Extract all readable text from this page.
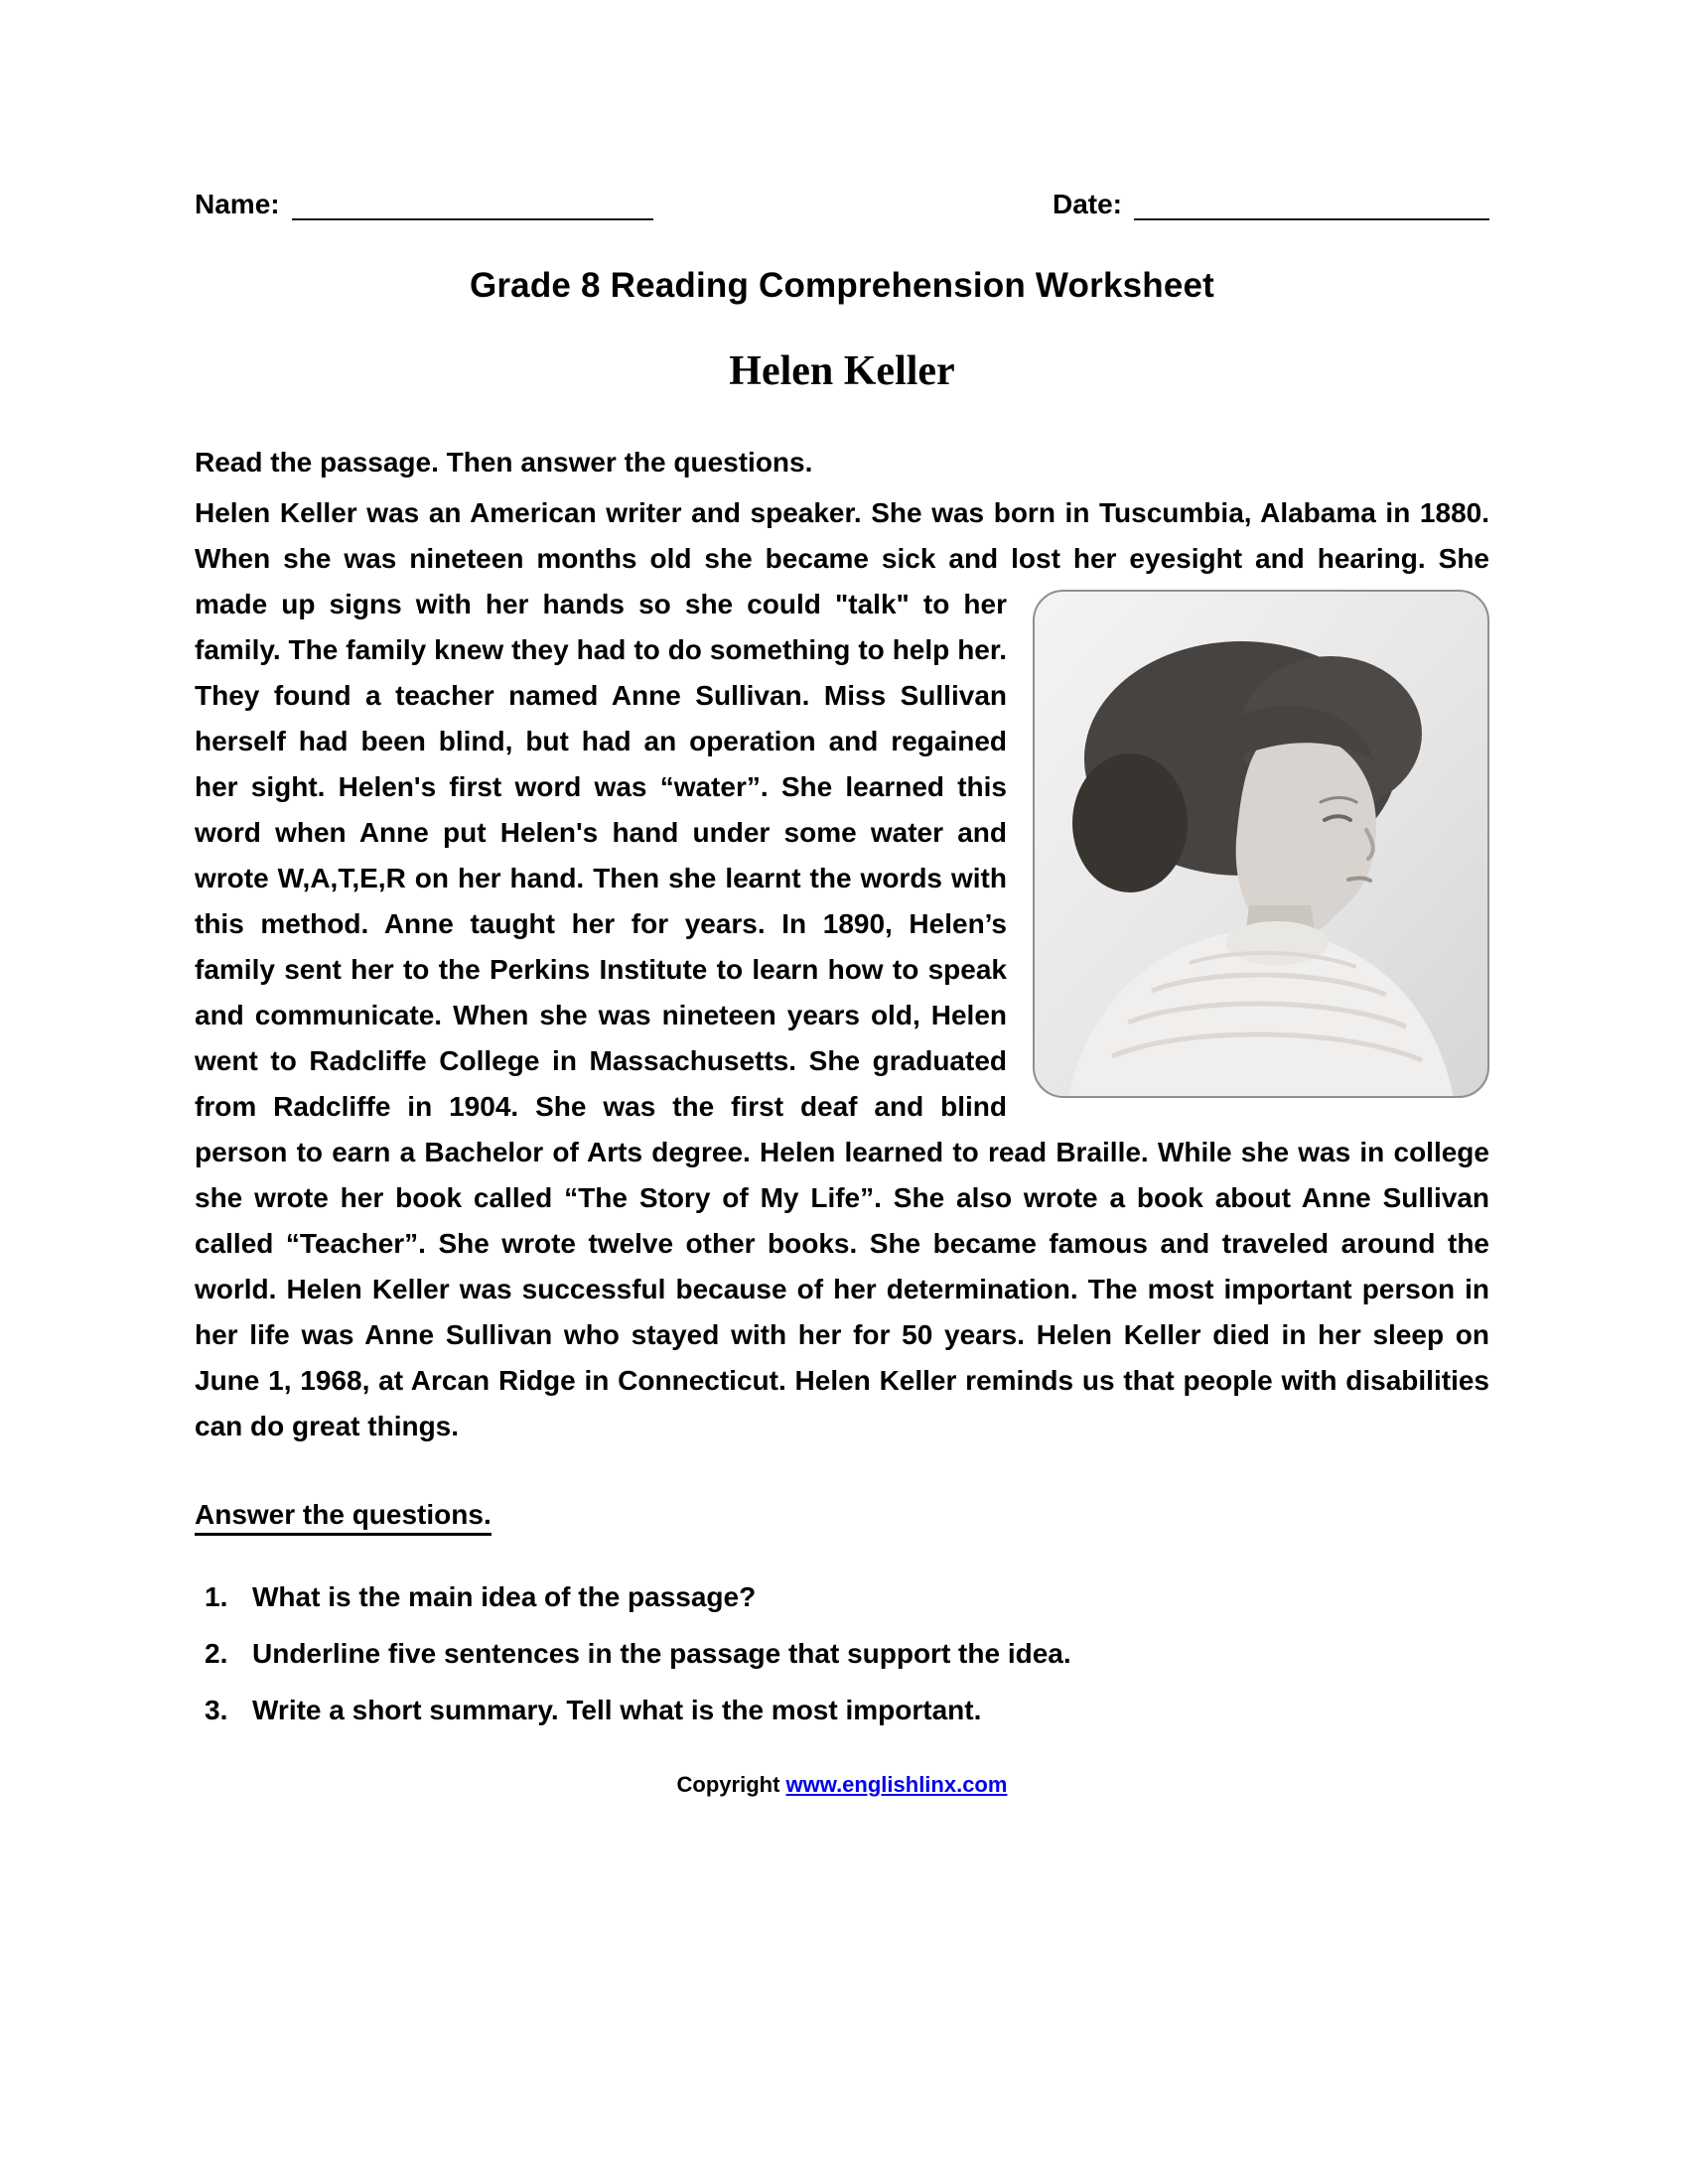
Name:	Date:
Grade 8 Reading Comprehension Worksheet
Helen Keller
Read the passage. Then answer the questions.

Helen Keller was an American writer and speaker. She was born in Tuscumbia, Alabama in 1880. When she was nineteen months old she became sick and lost her eyesight and hearing.
She made up signs with her hands so she could "talk" to her family. The family knew they had to do something to help her. They found a teacher named Anne Sullivan. Miss Sullivan herself had been blind, but had an operation and regained her sight. Helen's first word was “water”. She learned this word when Anne put Helen's hand under some water and wrote W,A,T,E,R on her hand. Then she learnt the words with this method. Anne taught her for years. In 1890, Helen’s family sent her to the Perkins Institute to learn how to speak and communicate. When she was nineteen years old, Helen went to Radcliffe College in Massachusetts. She graduated from Radcliffe in 1904. She was the first deaf and blind person to earn a Bachelor of Arts degree. Helen learned to read Braille. While she was in college she wrote her book called “The Story of My Life”. She also wrote a book about Anne Sullivan called “Teacher”. She wrote twelve other books. She became famous and traveled around the world. Helen Keller was successful because of her determination. The most important person in her life was Anne Sullivan who stayed with her for 50 years. Helen Keller died in her sleep on June 1, 1968, at Arcan Ridge in Connecticut. Helen Keller reminds us that people with disabilities can do great things.

Answer the questions.
1. What is the main idea of the passage?
2. Underline five sentences in the passage that support the idea.
3. Write a short summary. Tell what is the most important.
Copyright www.englishlinx.com
